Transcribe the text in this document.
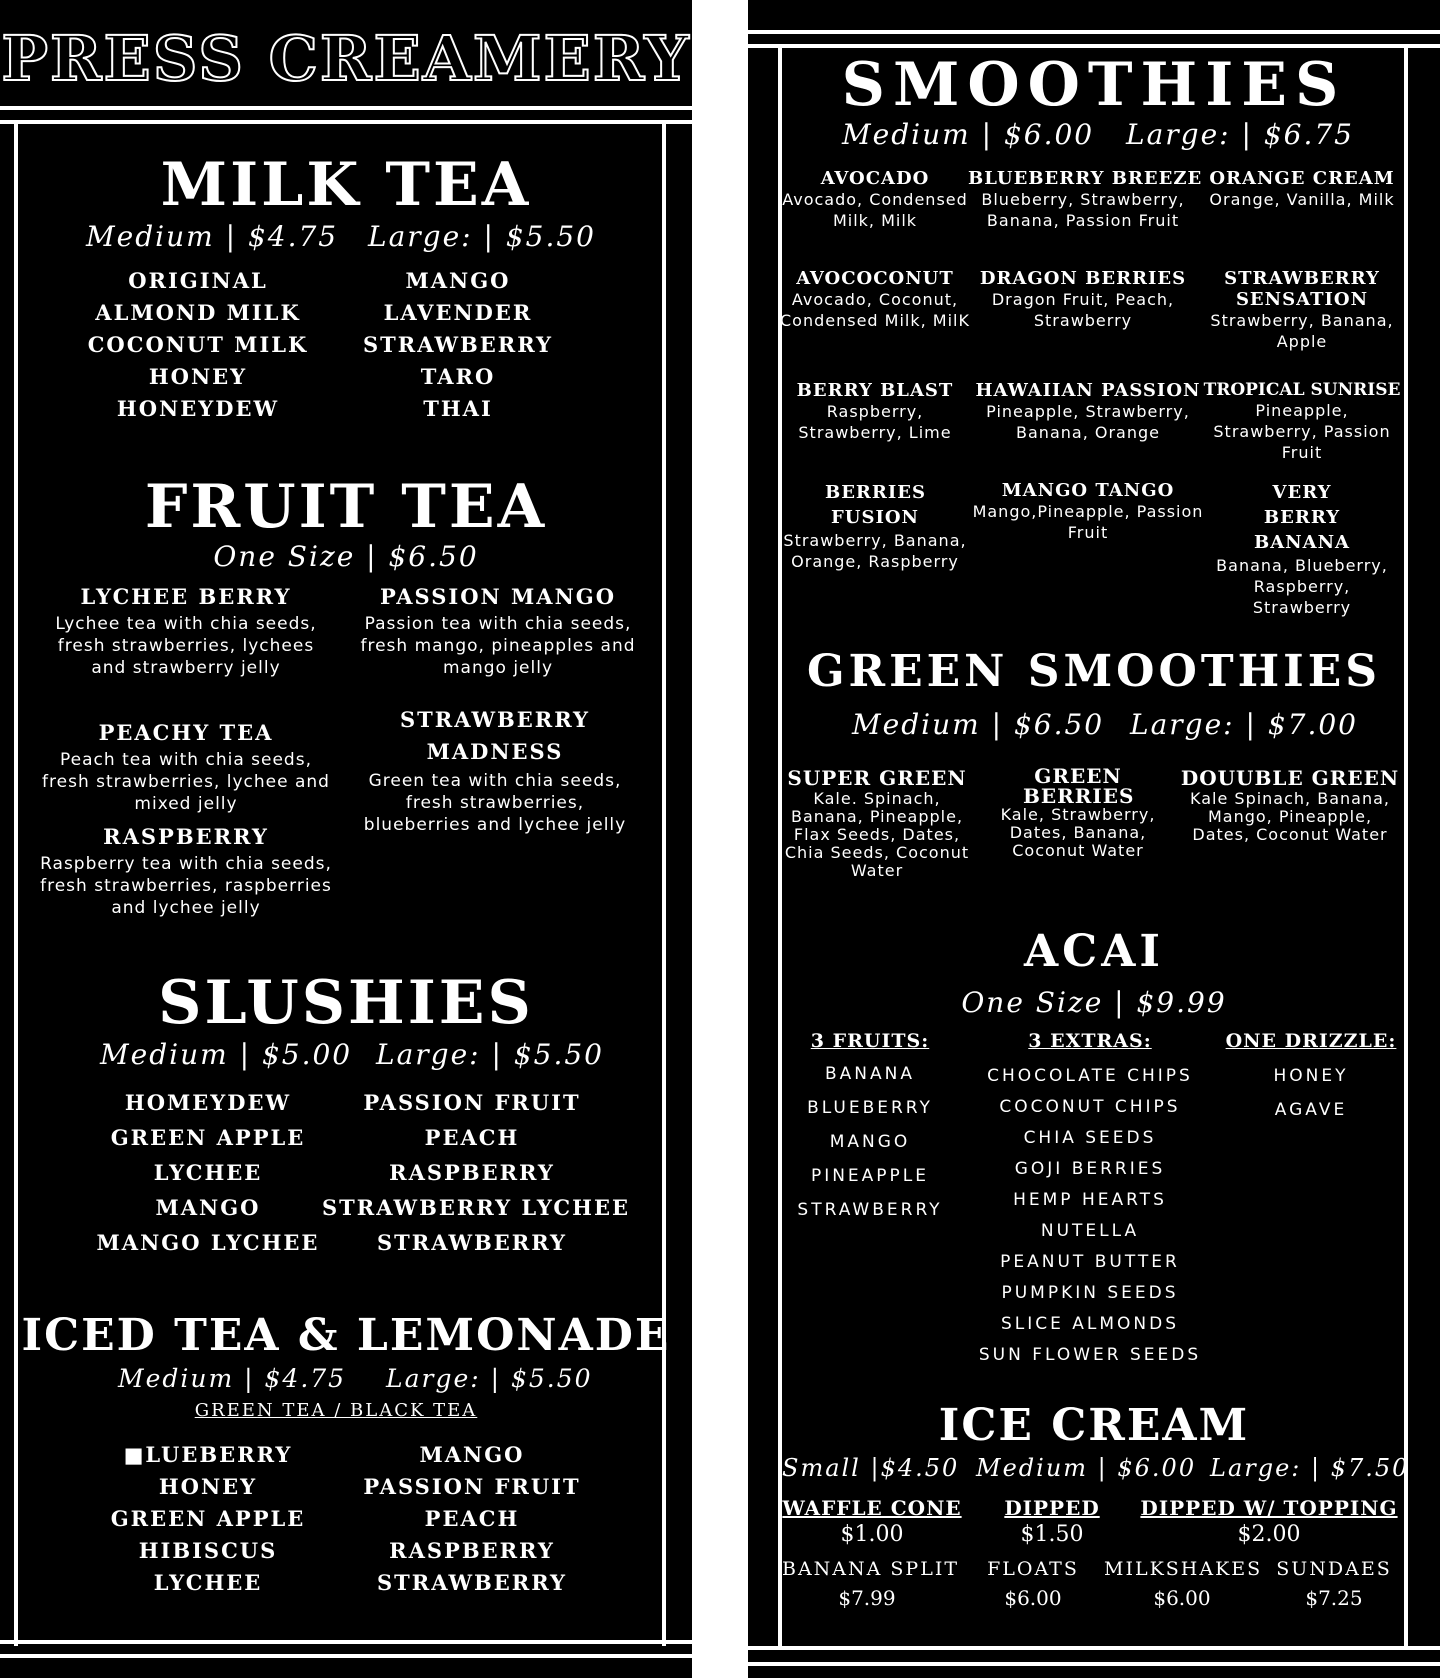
PRESS CREAMERY
MILK TEA
Medium | $4.75 Large: | $5.50
ORIGINAL
ALMOND MILK
COCONUT MILK
HONEY
HONEYDEW
MANGO
LAVENDER
STRAWBERRY
TARO
THAI
FRUIT TEA
One Size | $6.50
LYCHEE BERRY
Lychee tea with chia seeds, fresh strawberries, lychees and strawberry jelly
PASSION MANGO
Passion tea with chia seeds, fresh mango, pineapples and mango jelly
PEACHY TEA
Peach tea with chia seeds, fresh strawberries, lychee and mixed jelly
STRAWBERRY MADNESS
Green tea with chia seeds, fresh strawberries, blueberries and lychee jelly
RASPBERRY
Raspberry tea with chia seeds, fresh strawberries, raspberries and lychee jelly
SLUSHIES
Medium | $5.00 Large: | $5.50
HOMEYDEW
GREEN APPLE
LYCHEE
MANGO
MANGO LYCHEE
PASSION FRUIT
PEACH
RASPBERRY
STRAWBERRY LYCHEE
STRAWBERRY
ICED TEA & LEMONADE
Medium | $4.75 Large: | $5.50
GREEN TEA / BLACK TEA
■LUEBERRY
HONEY
GREEN APPLE
HIBISCUS
LYCHEE
MANGO
PASSION FRUIT
PEACH
RASPBERRY
STRAWBERRY
SMOOTHIES
Medium | $6.00 Large: | $6.75
AVOCADO
Avocado, Condensed Milk, Milk
BLUEBERRY BREEZE
Blueberry, Strawberry, Banana, Passion Fruit
ORANGE CREAM
Orange, Vanilla, Milk
AVOCOCONUT
Avocado, Coconut, Condensed Milk, MilK
DRAGON BERRIES
Dragon Fruit, Peach, Strawberry
STRAWBERRY SENSATION
Strawberry, Banana, Apple
BERRY BLAST
Raspberry, Strawberry, Lime
HAWAIIAN PASSION
Pineapple, Strawberry, Banana, Orange
TROPICAL SUNRISE
Pineapple, Strawberry, Passion Fruit
BERRIES FUSION
Strawberry, Banana, Orange, Raspberry
MANGO TANGO
Mango,Pineapple, Passion Fruit
VERY BERRY BANANA
Banana, Blueberry, Raspberry, Strawberry
GREEN SMOOTHIES
Medium | $6.50 Large: | $7.00
SUPER GREEN
Kale. Spinach, Banana, Pineapple, Flax Seeds, Dates, Chia Seeds, Coconut Water
GREEN BERRIES
Kale, Strawberry, Dates, Banana, Coconut Water
DOUUBLE GREEN
Kale Spinach, Banana, Mango, Pineapple, Dates, Coconut Water
ACAI
One Size | $9.99
3 FRUITS:
BANANA
BLUEBERRY
MANGO
PINEAPPLE
STRAWBERRY
3 EXTRAS:
CHOCOLATE CHIPS
COCONUT CHIPS
CHIA SEEDS
GOJI BERRIES
HEMP HEARTS
NUTELLA
PEANUT BUTTER
PUMPKIN SEEDS
SLICE ALMONDS
SUN FLOWER SEEDS
ONE DRIZZLE:
HONEY
AGAVE
ICE CREAM
Small |$4.50 Medium | $6.00 Large: | $7.50
WAFFLE CONE
$1.00
DIPPED
$1.50
DIPPED W/ TOPPING
$2.00
BANANA SPLIT
$7.99
FLOATS
$6.00
MILKSHAKES
$6.00
SUNDAES
$7.25
